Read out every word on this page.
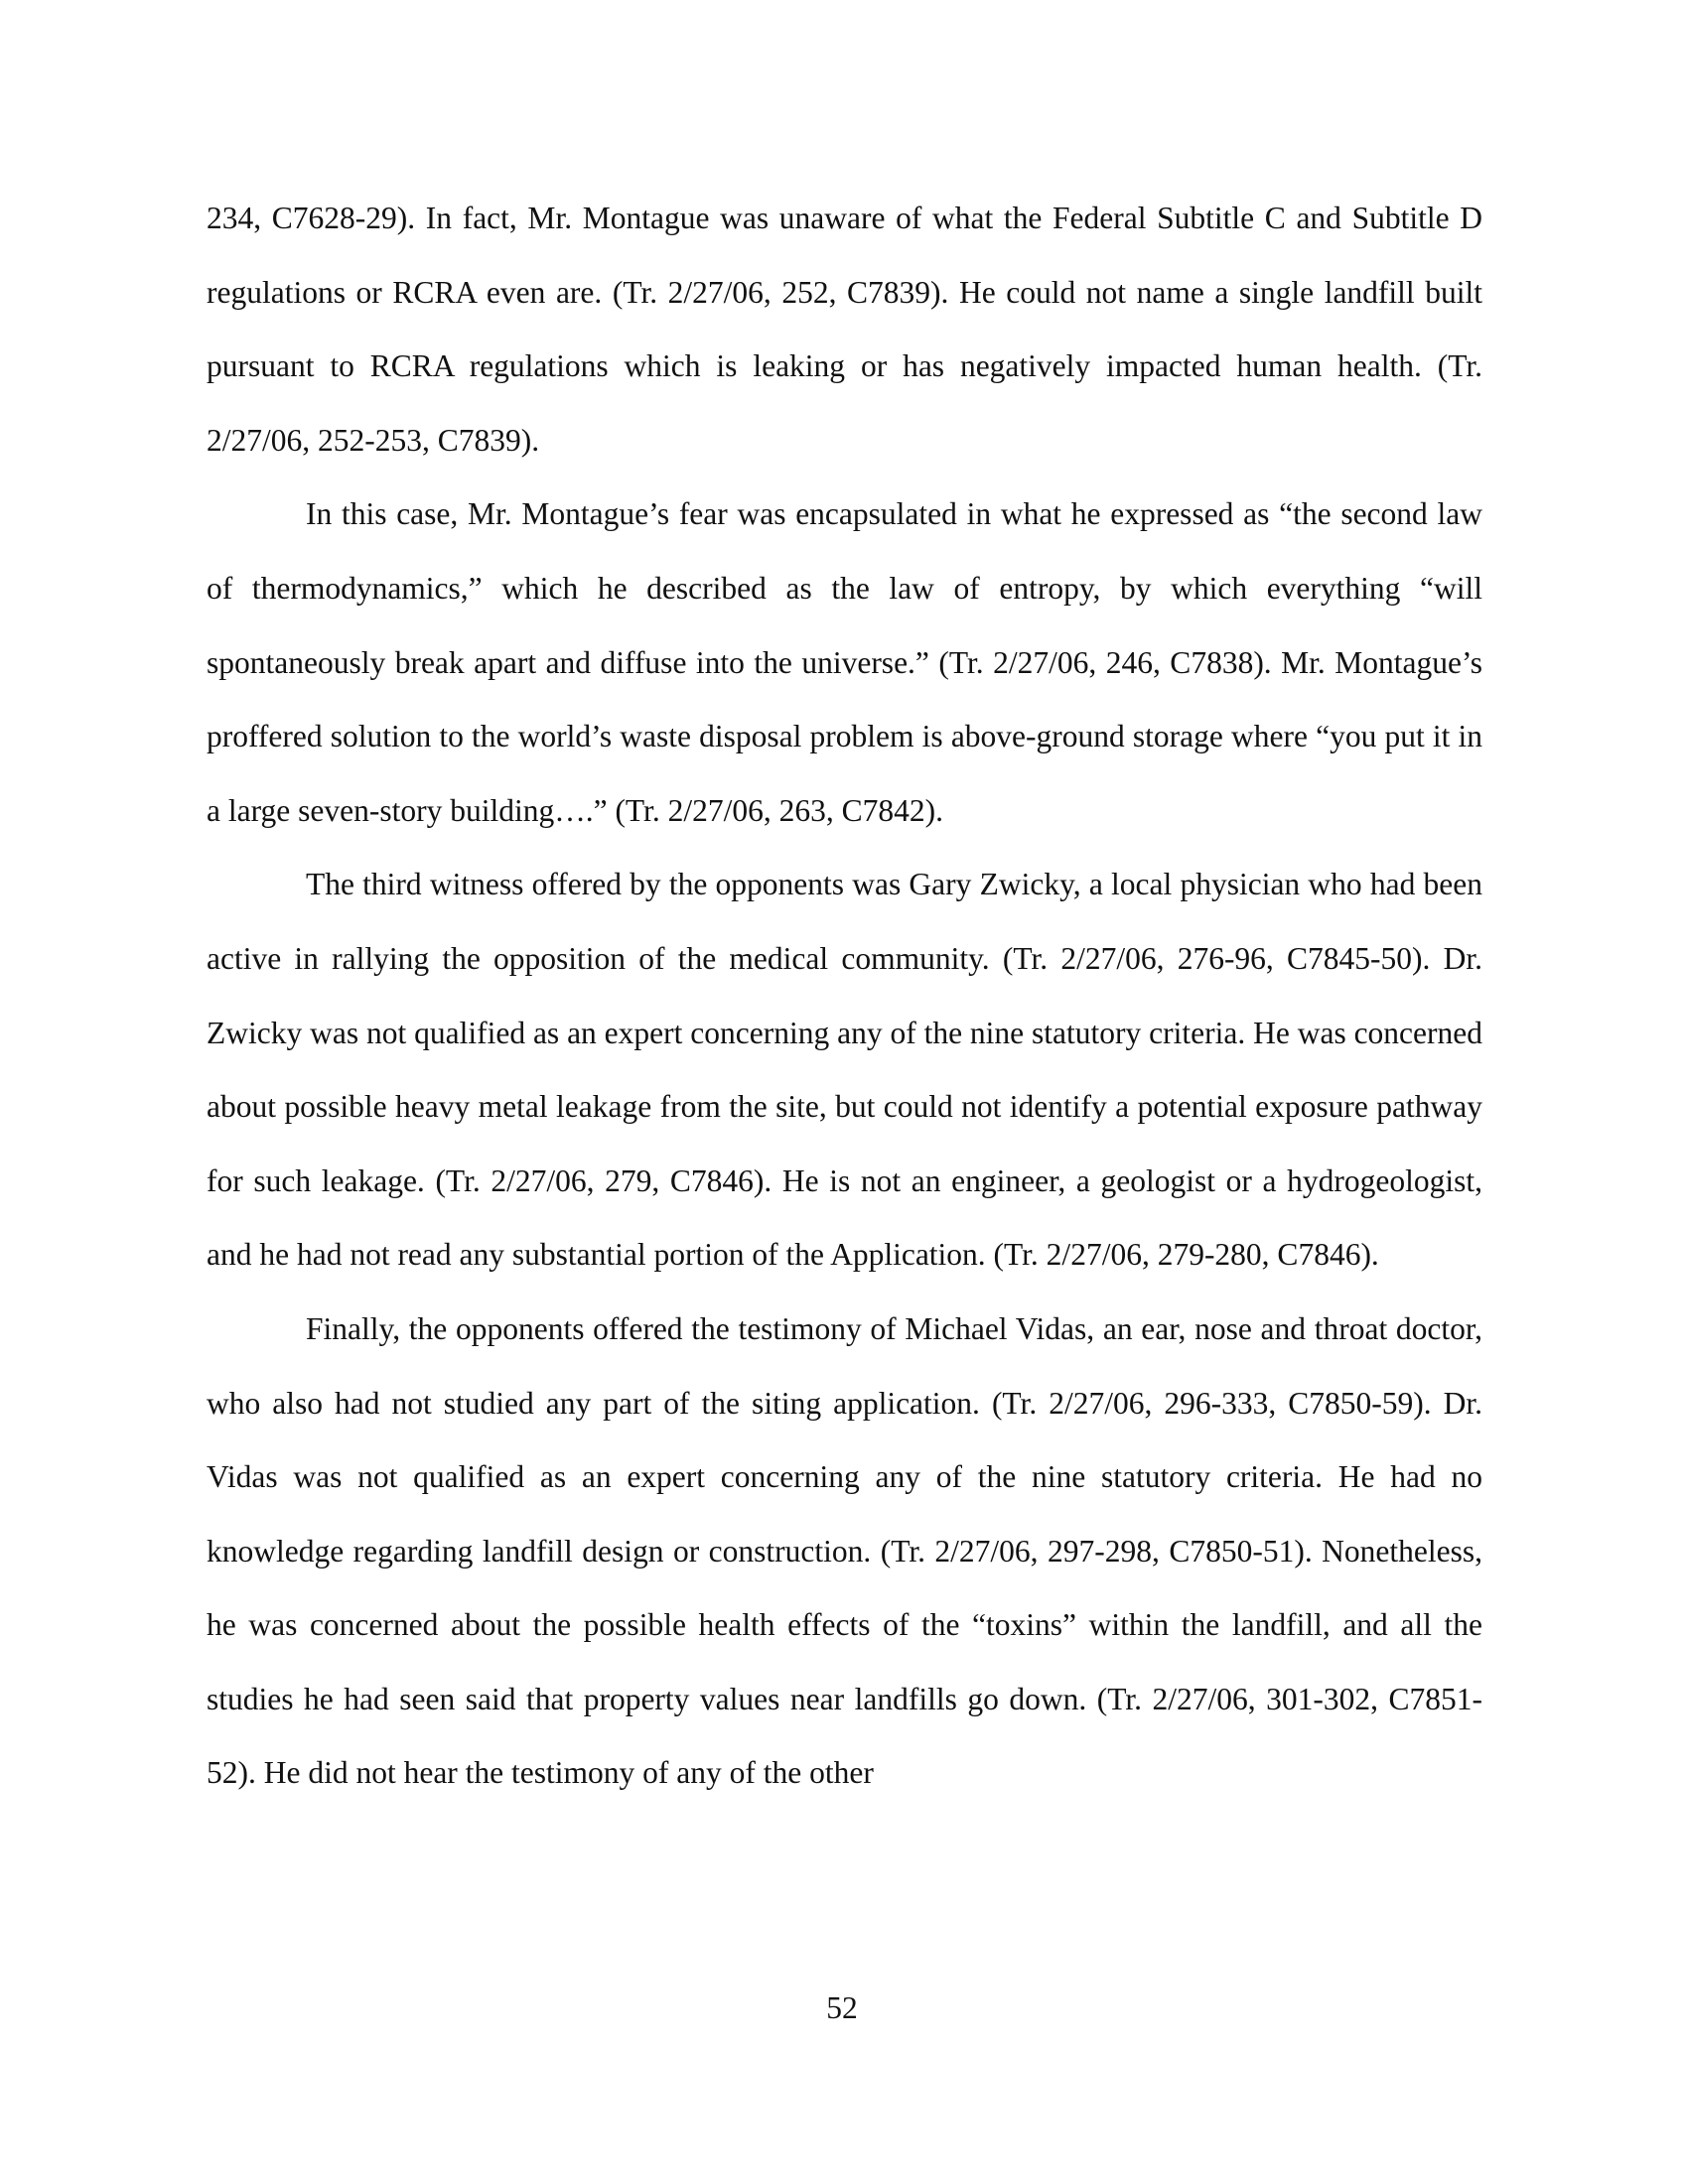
234, C7628-29). In fact, Mr. Montague was unaware of what the Federal Subtitle C and Subtitle D regulations or RCRA even are. (Tr. 2/27/06, 252, C7839). He could not name a single landfill built pursuant to RCRA regulations which is leaking or has negatively impacted human health. (Tr. 2/27/06, 252-253, C7839).

In this case, Mr. Montague’s fear was encapsulated in what he expressed as “the second law of thermodynamics,” which he described as the law of entropy, by which everything “will spontaneously break apart and diffuse into the universe.” (Tr. 2/27/06, 246, C7838). Mr. Montague’s proffered solution to the world’s waste disposal problem is above-ground storage where “you put it in a large seven-story building….” (Tr. 2/27/06, 263, C7842).

The third witness offered by the opponents was Gary Zwicky, a local physician who had been active in rallying the opposition of the medical community. (Tr. 2/27/06, 276-96, C7845-50). Dr. Zwicky was not qualified as an expert concerning any of the nine statutory criteria. He was concerned about possible heavy metal leakage from the site, but could not identify a potential exposure pathway for such leakage. (Tr. 2/27/06, 279, C7846). He is not an engineer, a geologist or a hydrogeologist, and he had not read any substantial portion of the Application. (Tr. 2/27/06, 279-280, C7846).

Finally, the opponents offered the testimony of Michael Vidas, an ear, nose and throat doctor, who also had not studied any part of the siting application. (Tr. 2/27/06, 296-333, C7850-59). Dr. Vidas was not qualified as an expert concerning any of the nine statutory criteria. He had no knowledge regarding landfill design or construction. (Tr. 2/27/06, 297-298, C7850-51). Nonetheless, he was concerned about the possible health effects of the “toxins” within the landfill, and all the studies he had seen said that property values near landfills go down. (Tr. 2/27/06, 301-302, C7851-52). He did not hear the testimony of any of the other

52
